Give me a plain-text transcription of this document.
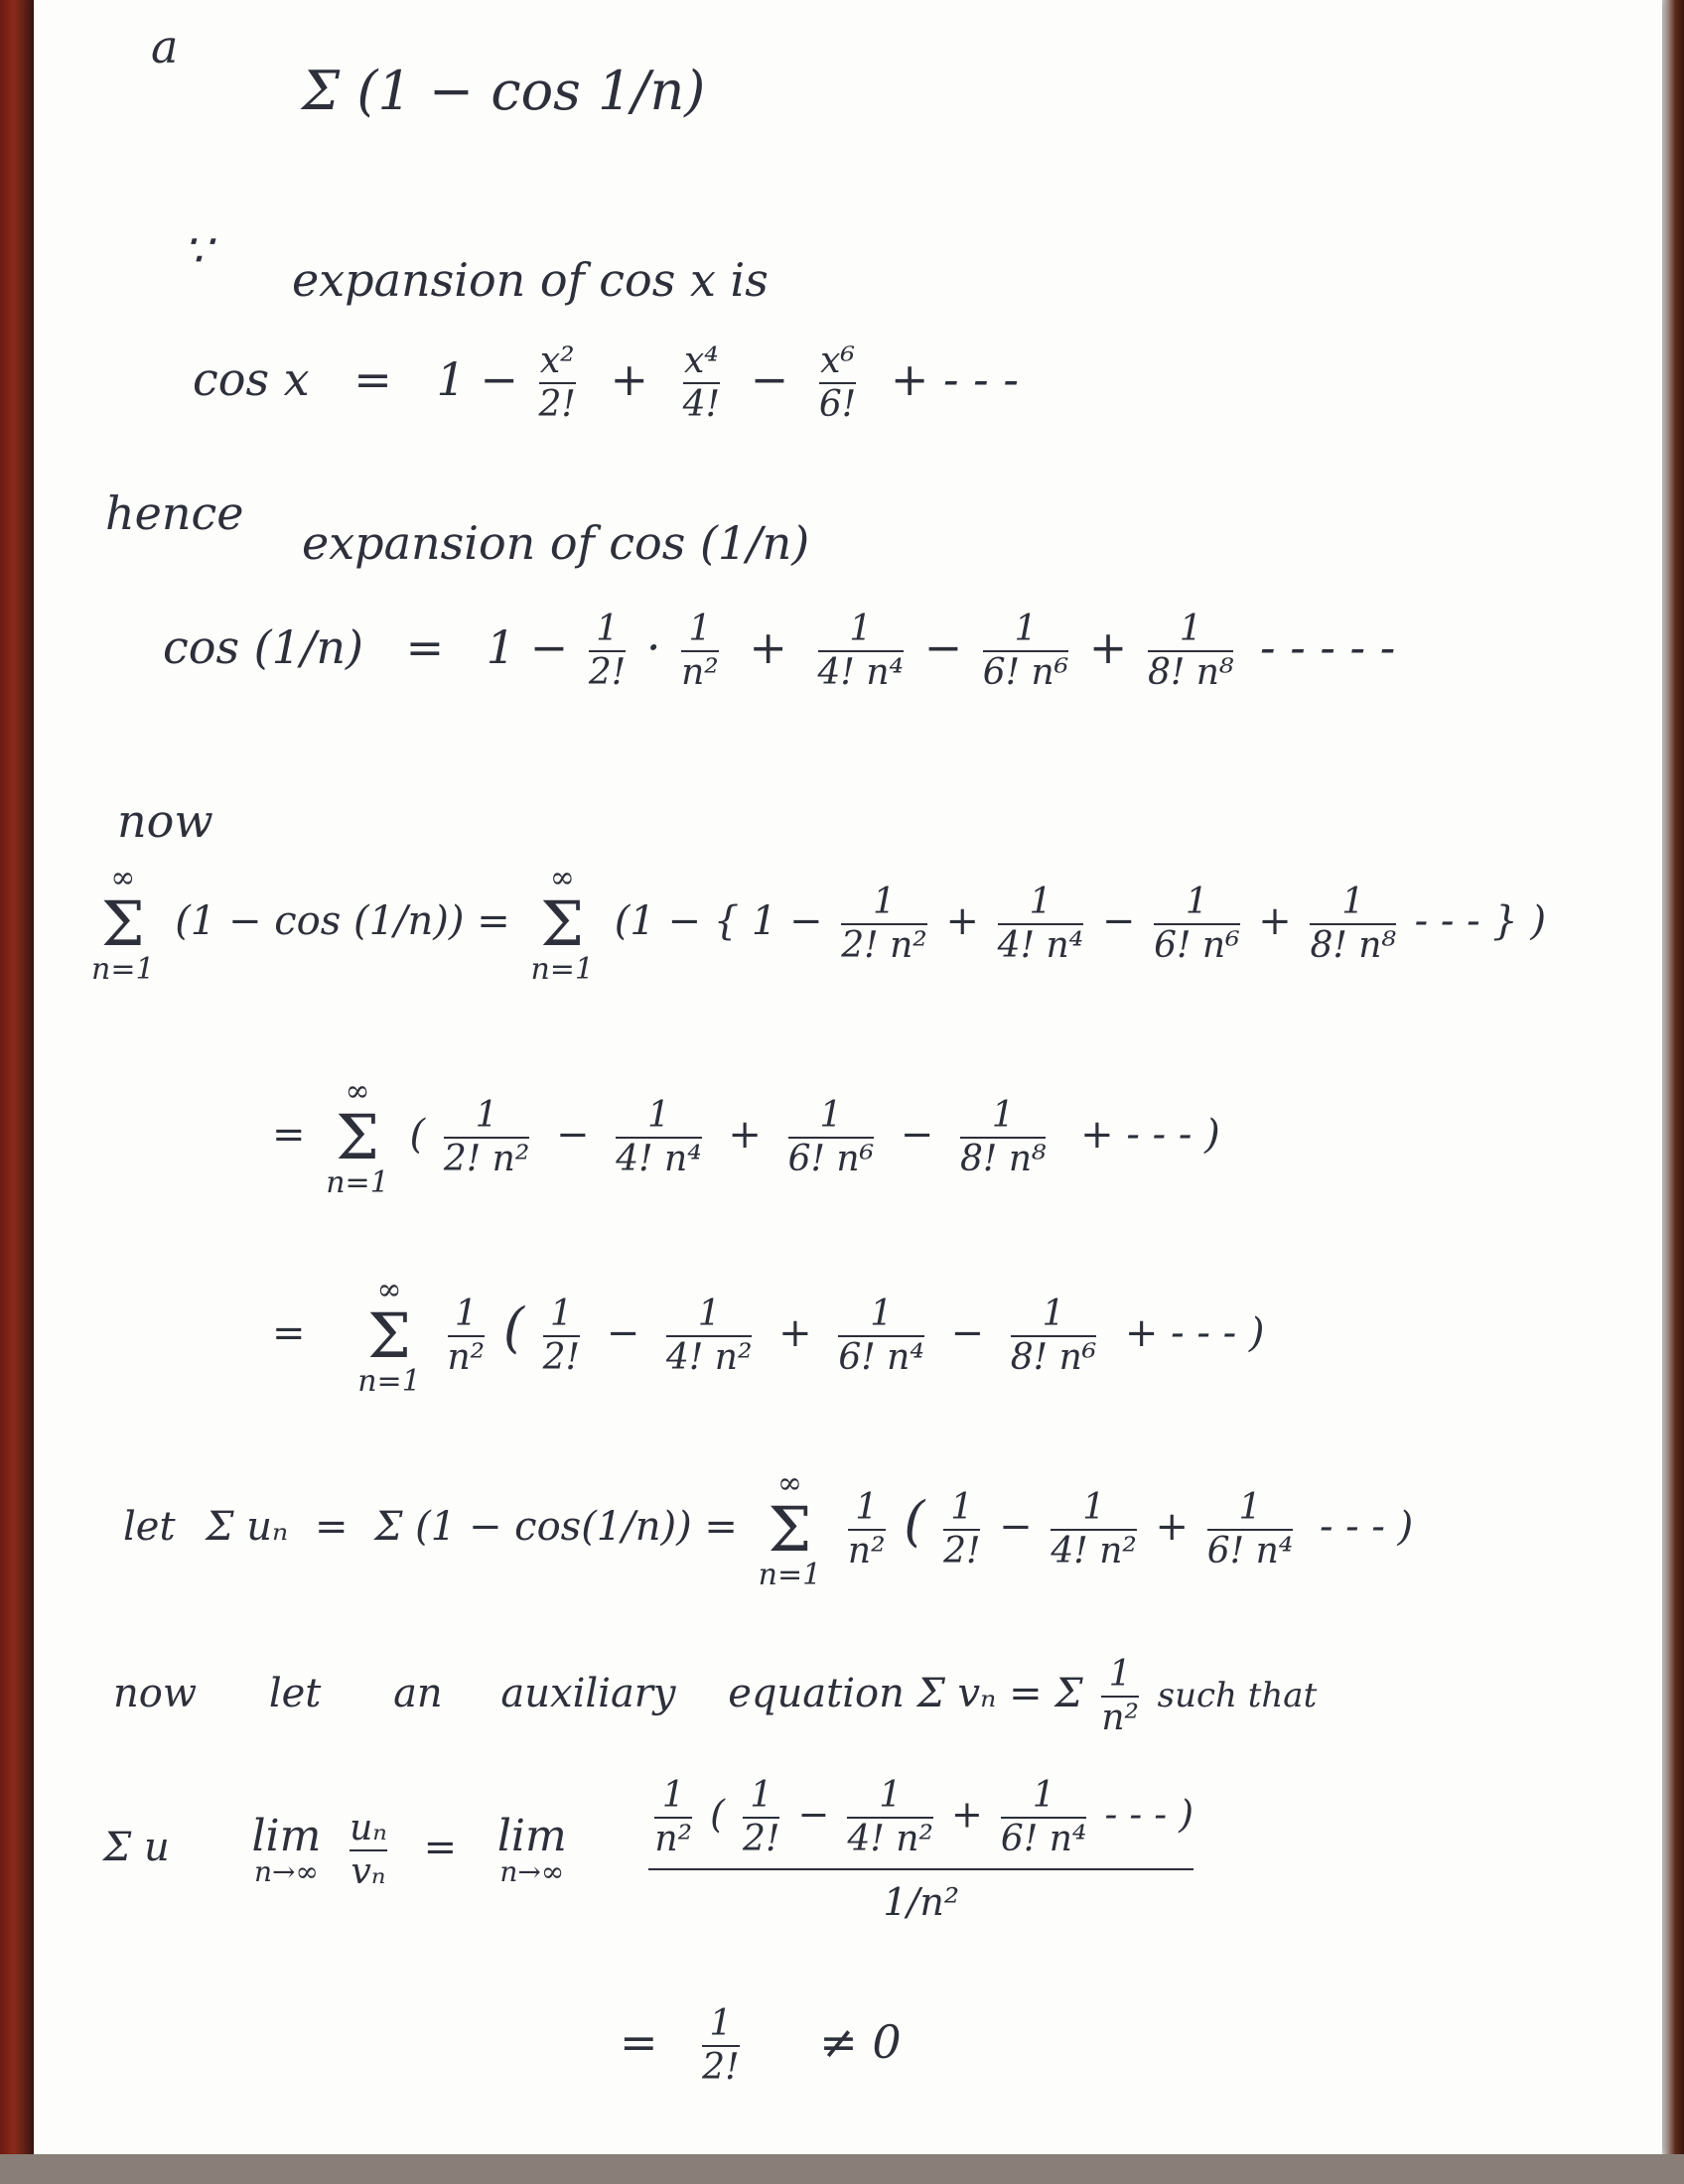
a
Σ (1 − cos 1/n)
∵
expansion of cos x is
$\cos x = 1 - \frac{\text{x²}}{2!} + \frac{\text{x⁴}}{4!} - \frac{\text{x⁶}}{6!}$ + - - -
hence
expansion of cos (1/n)
$\cos (1/n) = 1 - \frac{1}{2!} \cdot \frac{1}{\text{n²}} + \frac{1}{\text{4! n⁴}} - \frac{1}{\text{6! n⁶}} + \frac{1}{\text{8! n⁸}}$ - - - - -
now
∞
Σ
n=1
(1 − cos (1/n)) =
∞
Σ
n=1
(1 − { $1 - \frac{1}{\text{2! n²}} + \frac{1}{\text{4! n⁴}} - \frac{1}{\text{6! n⁶}} + \frac{1}{\text{8! n⁸}}$ - - - } )
=
∞
Σ
n=1
( $\frac{1}{\text{2! n²}} - \frac{1}{\text{4! n⁴}} + \frac{1}{\text{6! n⁶}} - \frac{1}{\text{8! n⁸}}$ + - - - )
=
∞
Σ
n=1

$\frac{1}{\text{n²}}$ ( $\frac{1}{2!} - \frac{1}{\text{4! n²}} + \frac{1}{\text{6! n⁴}} - \frac{1}{\text{8! n⁶}}$ + - - - )
let Σ uₙ = Σ (1 − cos(1/n)) =
∞
Σ
n=1

$\frac{1}{\text{n²}}$ ( $\frac{1}{2!} - \frac{1}{\text{4! n²}} + \frac{1}{\text{6! n⁴}}$ - - - )
now let an auxiliary equation Σ vₙ = Σ $\frac{1}{\text{n²}}$ such that
Σ u lim
n→∞
$\frac{\text{uₙ}}{\text{vₙ}} = \lim$
n→∞

$\frac{1}{\text{n²}}$ ( $\frac{1}{2!} - \frac{1}{\text{4! n²}} + \frac{1}{\text{6! n⁴}}$ - - - )
1/n²
= $\frac{1}{2!} \ne 0$
